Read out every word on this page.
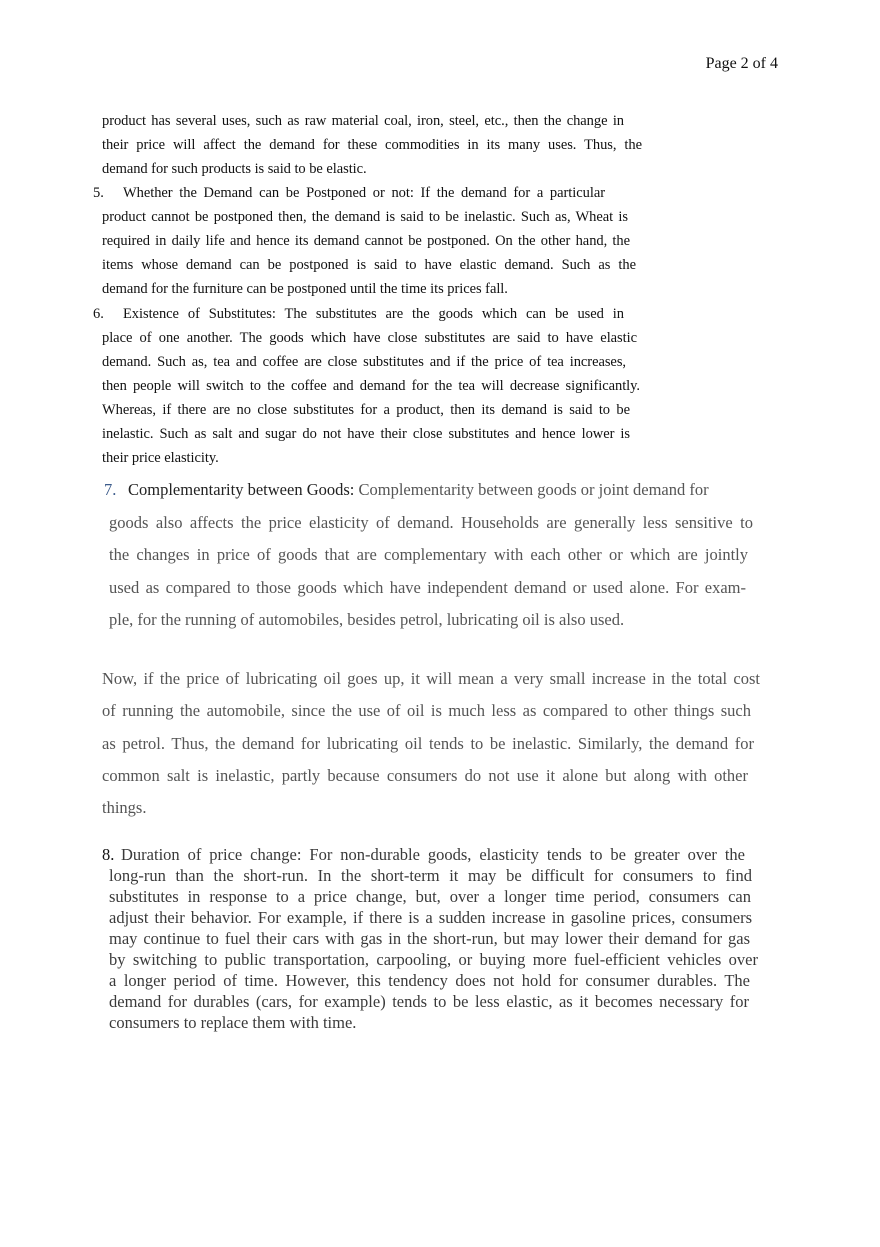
Page 2 of 4
product has several uses, such as raw material coal, iron, steel, etc., then the change in
their price will affect the demand for these commodities in its many uses. Thus, the
demand for such products is said to be elastic.
5. Whether the Demand can be Postponed or not: If the demand for a particular
product cannot be postponed then, the demand is said to be inelastic. Such as, Wheat is
required in daily life and hence its demand cannot be postponed. On the other hand, the
items whose demand can be postponed is said to have elastic demand. Such as the
demand for the furniture can be postponed until the time its prices fall.
6. Existence of Substitutes: The substitutes are the goods which can be used in
place of one another. The goods which have close substitutes are said to have elastic
demand. Such as, tea and coffee are close substitutes and if the price of tea increases,
then people will switch to the coffee and demand for the tea will decrease significantly.
Whereas, if there are no close substitutes for a product, then its demand is said to be
inelastic. Such as salt and sugar do not have their close substitutes and hence lower is
their price elasticity.
7. Complementarity between Goods: Complementarity between goods or joint demand for
goods also affects the price elasticity of demand. Households are generally less sensitive to
the changes in price of goods that are complementary with each other or which are jointly
used as compared to those goods which have independent demand or used alone. For exam-
ple, for the running of automobiles, besides petrol, lubricating oil is also used.
Now, if the price of lubricating oil goes up, it will mean a very small increase in the total cost
of running the automobile, since the use of oil is much less as compared to other things such
as petrol. Thus, the demand for lubricating oil tends to be inelastic. Similarly, the demand for
common salt is inelastic, partly because consumers do not use it alone but along with other
things.
8. Duration of price change: For non-durable goods, elasticity tends to be greater over the
long-run than the short-run. In the short-term it may be difficult for consumers to find
substitutes in response to a price change, but, over a longer time period, consumers can
adjust their behavior. For example, if there is a sudden increase in gasoline prices, consumers
may continue to fuel their cars with gas in the short-run, but may lower their demand for gas
by switching to public transportation, carpooling, or buying more fuel-efficient vehicles over
a longer period of time. However, this tendency does not hold for consumer durables. The
demand for durables (cars, for example) tends to be less elastic, as it becomes necessary for
consumers to replace them with time.
